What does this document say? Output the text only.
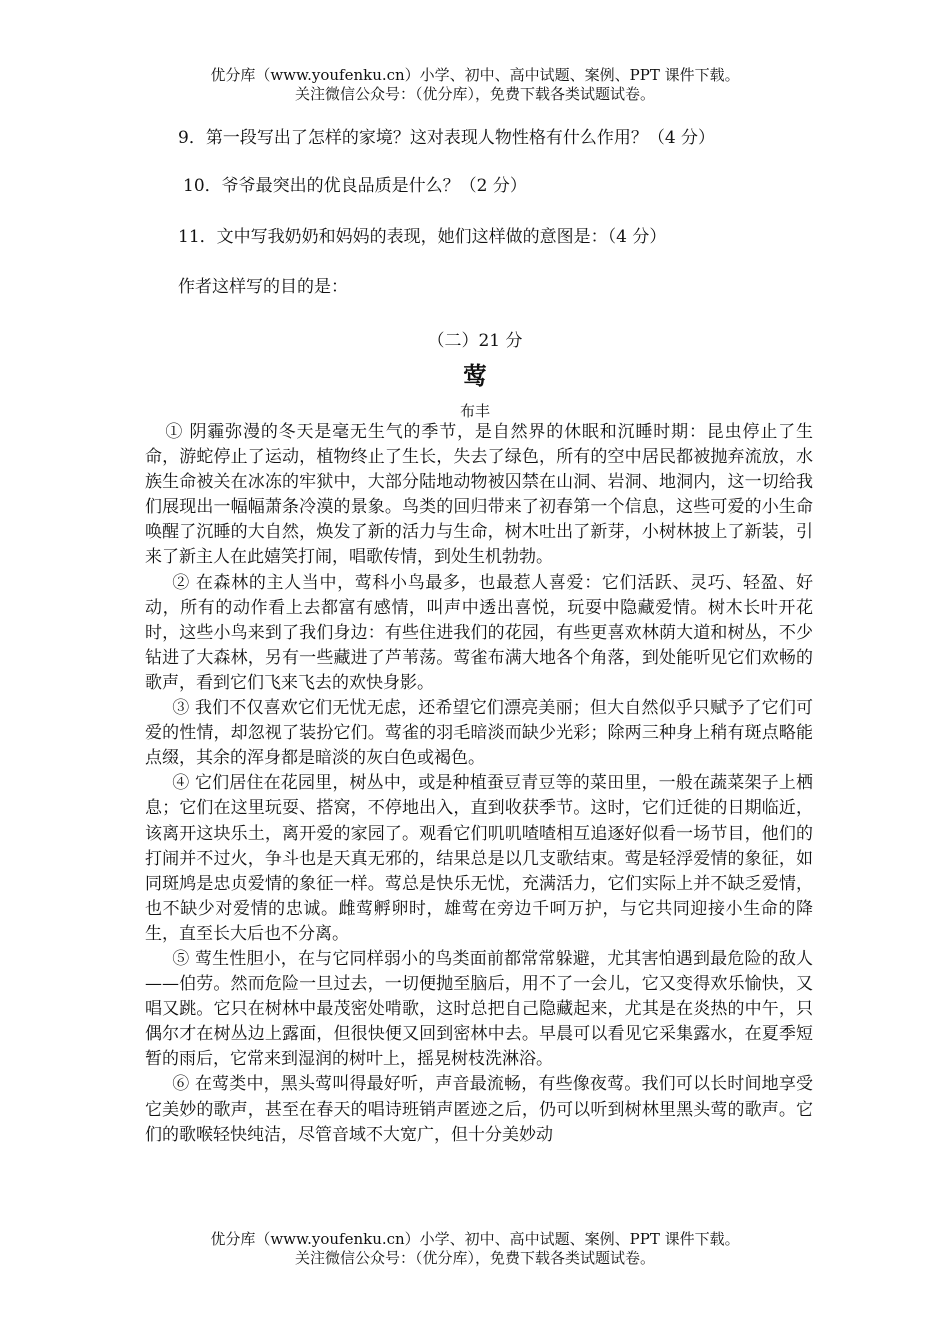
优分库（www.youfenku.cn）小学、初中、高中试题、案例、PPT 课件下载。
关注微信公众号：（优分库），免费下载各类试题试卷。
9．第一段写出了怎样的家境？这对表现人物性格有什么作用？（4 分）
10．爷爷最突出的优良品质是什么？（2 分）
11．文中写我奶奶和妈妈的表现，她们这样做的意图是：（4 分）
作者这样写的目的是：
（二）21 分
莺
布丰

① 阴霾弥漫的冬天是毫无生气的季节，是自然界的休眠和沉睡时期：昆虫停止了生命，游蛇停止了运动，植物终止了生长，失去了绿色，所有的空中居民都被抛弃流放，水族生命被关在冰冻的牢狱中，大部分陆地动物被囚禁在山洞、岩洞、地洞内，这一切给我们展现出一幅幅萧条冷漠的景象。鸟类的回归带来了初春第一个信息，这些可爱的小生命唤醒了沉睡的大自然，焕发了新的活力与生命，树木吐出了新芽，小树林披上了新装，引来了新主人在此嬉笑打闹，唱歌传情，到处生机勃勃。

② 在森林的主人当中，莺科小鸟最多，也最惹人喜爱：它们活跃、灵巧、轻盈、好动，所有的动作看上去都富有感情，叫声中透出喜悦，玩耍中隐藏爱情。树木长叶开花时，这些小鸟来到了我们身边：有些住进我们的花园，有些更喜欢林荫大道和树丛，不少钻进了大森林，另有一些藏进了芦苇荡。莺雀布满大地各个角落，到处能听见它们欢畅的歌声，看到它们飞来飞去的欢快身影。

③ 我们不仅喜欢它们无忧无虑，还希望它们漂亮美丽；但大自然似乎只赋予了它们可爱的性情，却忽视了装扮它们。莺雀的羽毛暗淡而缺少光彩；除两三种身上稍有斑点略能点缀，其余的浑身都是暗淡的灰白色或褐色。

④ 它们居住在花园里，树丛中，或是种植蚕豆青豆等的菜田里，一般在蔬菜架子上栖息；它们在这里玩耍、搭窝，不停地出入，直到收获季节。这时，它们迁徙的日期临近，该离开这块乐土，离开爱的家园了。观看它们叽叽喳喳相互追逐好似看一场节目，他们的打闹并不过火，争斗也是天真无邪的，结果总是以几支歌结束。莺是轻浮爱情的象征，如同斑鸠是忠贞爱情的象征一样。莺总是快乐无忧，充满活力，它们实际上并不缺乏爱情，也不缺少对爱情的忠诚。雌莺孵卵时，雄莺在旁边千呵万护，与它共同迎接小生命的降生，直至长大后也不分离。

⑤ 莺生性胆小，在与它同样弱小的鸟类面前都常常躲避，尤其害怕遇到最危险的敌人——伯劳。然而危险一旦过去，一切便抛至脑后，用不了一会儿，它又变得欢乐愉快，又唱又跳。它只在树林中最茂密处啃歌，这时总把自己隐藏起来，尤其是在炎热的中午，只偶尔才在树丛边上露面，但很快便又回到密林中去。早晨可以看见它采集露水，在夏季短暂的雨后，它常来到湿润的树叶上，摇晃树枝洗淋浴。

⑥ 在莺类中，黑头莺叫得最好听，声音最流畅，有些像夜莺。我们可以长时间地享受它美妙的歌声，甚至在春天的唱诗班销声匿迹之后，仍可以听到树林里黑头莺的歌声。它们的歌喉轻快纯洁，尽管音域不大宽广，但十分美妙动

优分库（www.youfenku.cn）小学、初中、高中试题、案例、PPT 课件下载。
关注微信公众号：（优分库），免费下载各类试题试卷。
